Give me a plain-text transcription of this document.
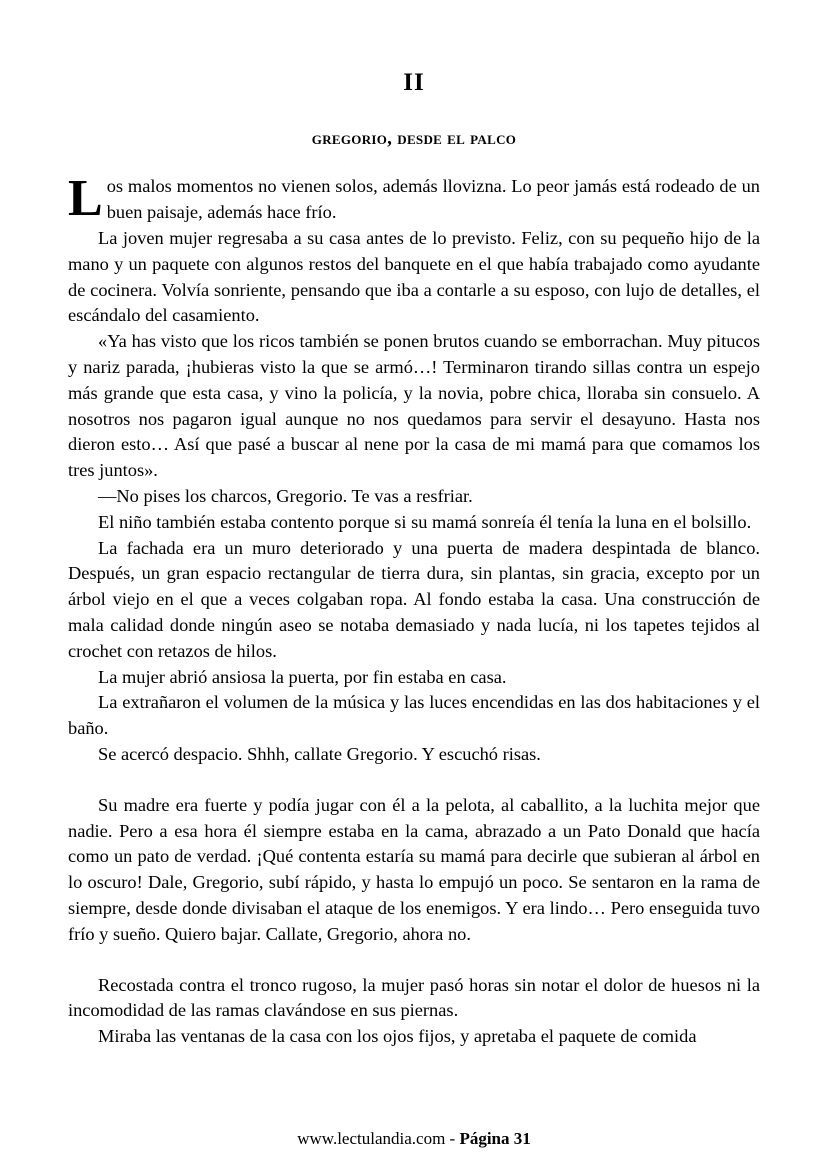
II
gregorio, desde el palco

Los malos momentos no vienen solos, además llovizna. Lo peor jamás está rodeado de un buen paisaje, además hace frío.

La joven mujer regresaba a su casa antes de lo previsto. Feliz, con su pequeño hijo de la mano y un paquete con algunos restos del banquete en el que había trabajado como ayudante de cocinera. Volvía sonriente, pensando que iba a contarle a su esposo, con lujo de detalles, el escándalo del casamiento.

«Ya has visto que los ricos también se ponen brutos cuando se emborrachan. Muy pitucos y nariz parada, ¡hubieras visto la que se armó…! Terminaron tirando sillas contra un espejo más grande que esta casa, y vino la policía, y la novia, pobre chica, lloraba sin consuelo. A nosotros nos pagaron igual aunque no nos quedamos para servir el desayuno. Hasta nos dieron esto… Así que pasé a buscar al nene por la casa de mi mamá para que comamos los tres juntos».

—No pises los charcos, Gregorio. Te vas a resfriar.

El niño también estaba contento porque si su mamá sonreía él tenía la luna en el bolsillo.

La fachada era un muro deteriorado y una puerta de madera despintada de blanco. Después, un gran espacio rectangular de tierra dura, sin plantas, sin gracia, excepto por un árbol viejo en el que a veces colgaban ropa. Al fondo estaba la casa. Una construcción de mala calidad donde ningún aseo se notaba demasiado y nada lucía, ni los tapetes tejidos al crochet con retazos de hilos.

La mujer abrió ansiosa la puerta, por fin estaba en casa.

La extrañaron el volumen de la música y las luces encendidas en las dos habitaciones y el baño.

Se acercó despacio. Shhh, callate Gregorio. Y escuchó risas.

Su madre era fuerte y podía jugar con él a la pelota, al caballito, a la luchita mejor que nadie. Pero a esa hora él siempre estaba en la cama, abrazado a un Pato Donald que hacía como un pato de verdad. ¡Qué contenta estaría su mamá para decirle que subieran al árbol en lo oscuro! Dale, Gregorio, subí rápido, y hasta lo empujó un poco. Se sentaron en la rama de siempre, desde donde divisaban el ataque de los enemigos. Y era lindo… Pero enseguida tuvo frío y sueño. Quiero bajar. Callate, Gregorio, ahora no.

Recostada contra el tronco rugoso, la mujer pasó horas sin notar el dolor de huesos ni la incomodidad de las ramas clavándose en sus piernas.

Miraba las ventanas de la casa con los ojos fijos, y apretaba el paquete de comida

www.lectulandia.com - Página 31
